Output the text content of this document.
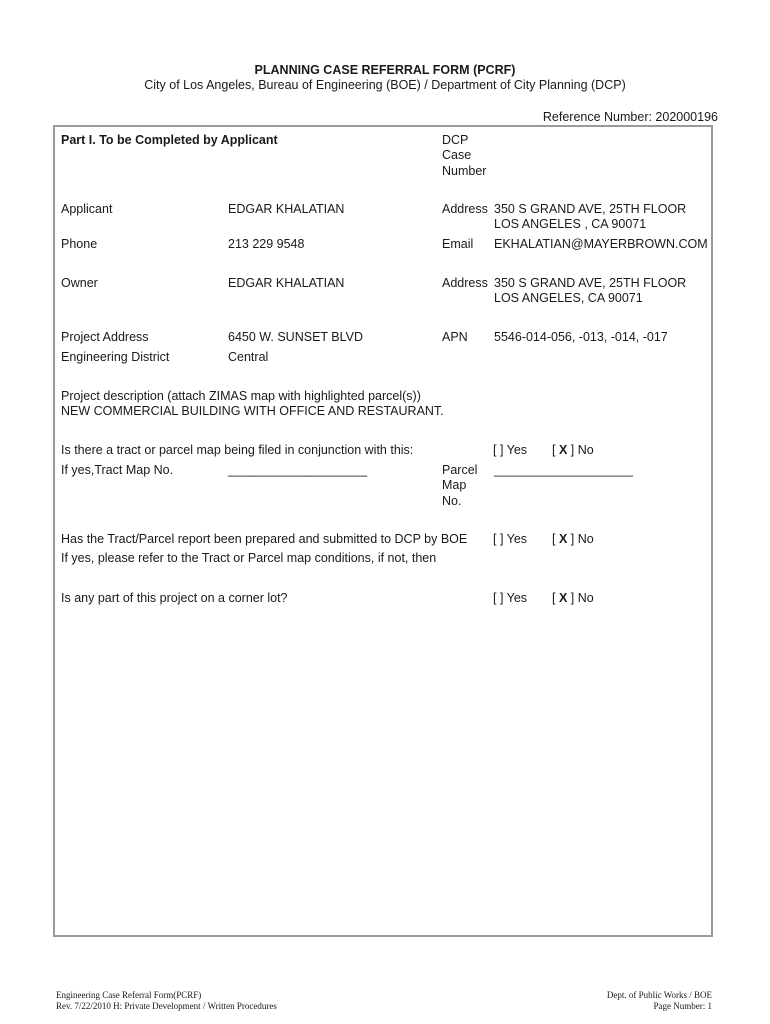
PLANNING CASE REFERRAL FORM (PCRF)
City of Los Angeles, Bureau of Engineering (BOE) / Department of City Planning (DCP)
Reference Number: 202000196
Part I. To be Completed by Applicant	DCP
Case
Number
Applicant	EDGAR KHALATIAN	Address 350 S GRAND AVE, 25TH FLOOR
LOS ANGELES , CA 90071
Phone	213 229 9548	Email EKHALATIAN@MAYERBROWN.COM
Owner	EDGAR KHALATIAN	Address 350 S GRAND AVE, 25TH FLOOR
LOS ANGELES, CA 90071
Project Address	6450 W. SUNSET BLVD	APN 5546-014-056, -013, -014, -017
Engineering District	Central
Project description (attach ZIMAS map with highlighted parcel(s))
NEW COMMERCIAL BUILDING WITH OFFICE AND RESTAURANT.
Is there a tract or parcel map being filed in conjunction with this:	[ ] Yes [ X ] No
If yes,Tract Map No.	____________________	Parcel
Map
No.
____________________
Has the Tract/Parcel report been prepared and submitted to DCP by BOE [ ] Yes [ X ] No
If yes, please refer to the Tract or Parcel map conditions, if not, then
Is any part of this project on a corner lot?	[ ] Yes [ X ] No
Engineering Case Referral Form(PCRF)
Rev. 7/22/2010 H: Private Development / Written Procedures
Dept. of Public Works / BOE
Page Number: 1
